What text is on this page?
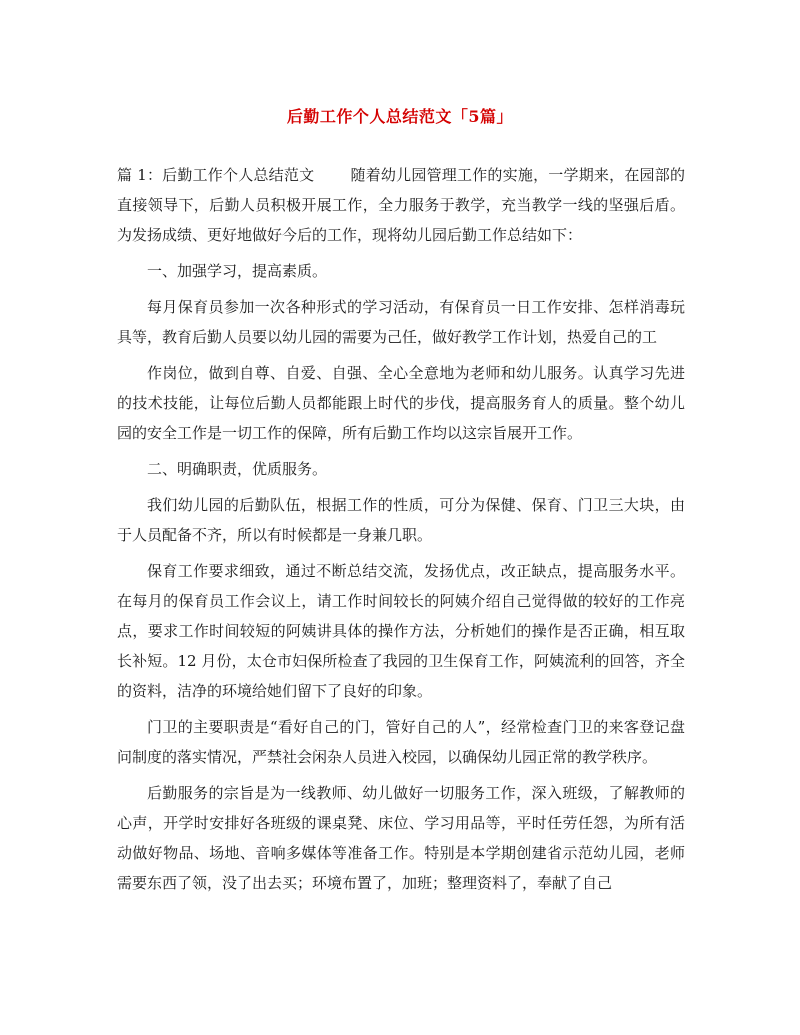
后勤工作个人总结范文「5篇」

篇 1：后勤工作个人总结范文 随着幼儿园管理工作的实施，一学期来，在园部的直接领导下，后勤人员积极开展工作，全力服务于教学，充当教学一线的坚强后盾。为发扬成绩、更好地做好今后的工作，现将幼儿园后勤工作总结如下：

一、加强学习，提高素质。

每月保育员参加一次各种形式的学习活动，有保育员一日工作安排、怎样消毒玩具等，教育后勤人员要以幼儿园的需要为己任，做好教学工作计划，热爱自己的工

作岗位，做到自尊、自爱、自强、全心全意地为老师和幼儿服务。认真学习先进的技术技能，让每位后勤人员都能跟上时代的步伐，提高服务育人的质量。整个幼儿园的安全工作是一切工作的保障，所有后勤工作均以这宗旨展开工作。

二、明确职责，优质服务。

我们幼儿园的后勤队伍，根据工作的性质，可分为保健、保育、门卫三大块，由于人员配备不齐，所以有时候都是一身兼几职。

保育工作要求细致，通过不断总结交流，发扬优点，改正缺点，提高服务水平。在每月的保育员工作会议上，请工作时间较长的阿姨介绍自己觉得做的较好的工作亮点，要求工作时间较短的阿姨讲具体的操作方法，分析她们的操作是否正确，相互取长补短。12 月份，太仓市妇保所检查了我园的卫生保育工作，阿姨流利的回答，齐全的资料，洁净的环境给她们留下了良好的印象。

门卫的主要职责是“看好自己的门，管好自己的人”，经常检查门卫的来客登记盘问制度的落实情况，严禁社会闲杂人员进入校园，以确保幼儿园正常的教学秩序。

后勤服务的宗旨是为一线教师、幼儿做好一切服务工作，深入班级，了解教师的心声，开学时安排好各班级的课桌凳、床位、学习用品等，平时任劳任怨，为所有活动做好物品、场地、音响多媒体等准备工作。特别是本学期创建省示范幼儿园，老师需要东西了领，没了出去买；环境布置了，加班；整理资料了，奉献了自己
